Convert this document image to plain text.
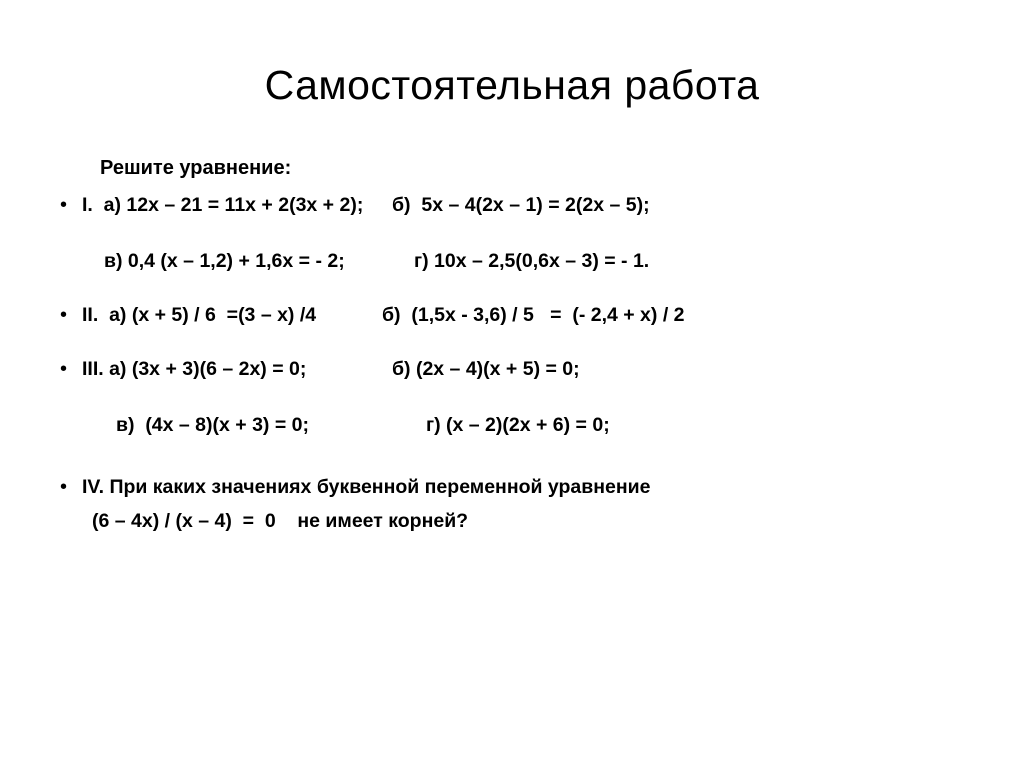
Самостоятельная работа
Решите уравнение:
• I.  а) 12х – 21 = 11х + 2(3х + 2);	б)  5х – 4(2х – 1) = 2(2х – 5);
в) 0,4 (х – 1,2) + 1,6х = - 2;	г) 10х – 2,5(0,6х – 3) = - 1.
• II.  а) (х + 5) / 6  =(3 – х) /4	б)  (1,5х - 3,6) / 5   =  (- 2,4 + х) / 2
• III. а) (3х + 3)(6 – 2х) = 0;	б) (2х – 4)(х + 5) = 0;
в)  (4х – 8)(х + 3) = 0;	г) (х – 2)(2х + 6) = 0;
• IV. При каких значениях буквенной переменной уравнение
(6 – 4х) / (х – 4)  =  0    не имеет корней?
